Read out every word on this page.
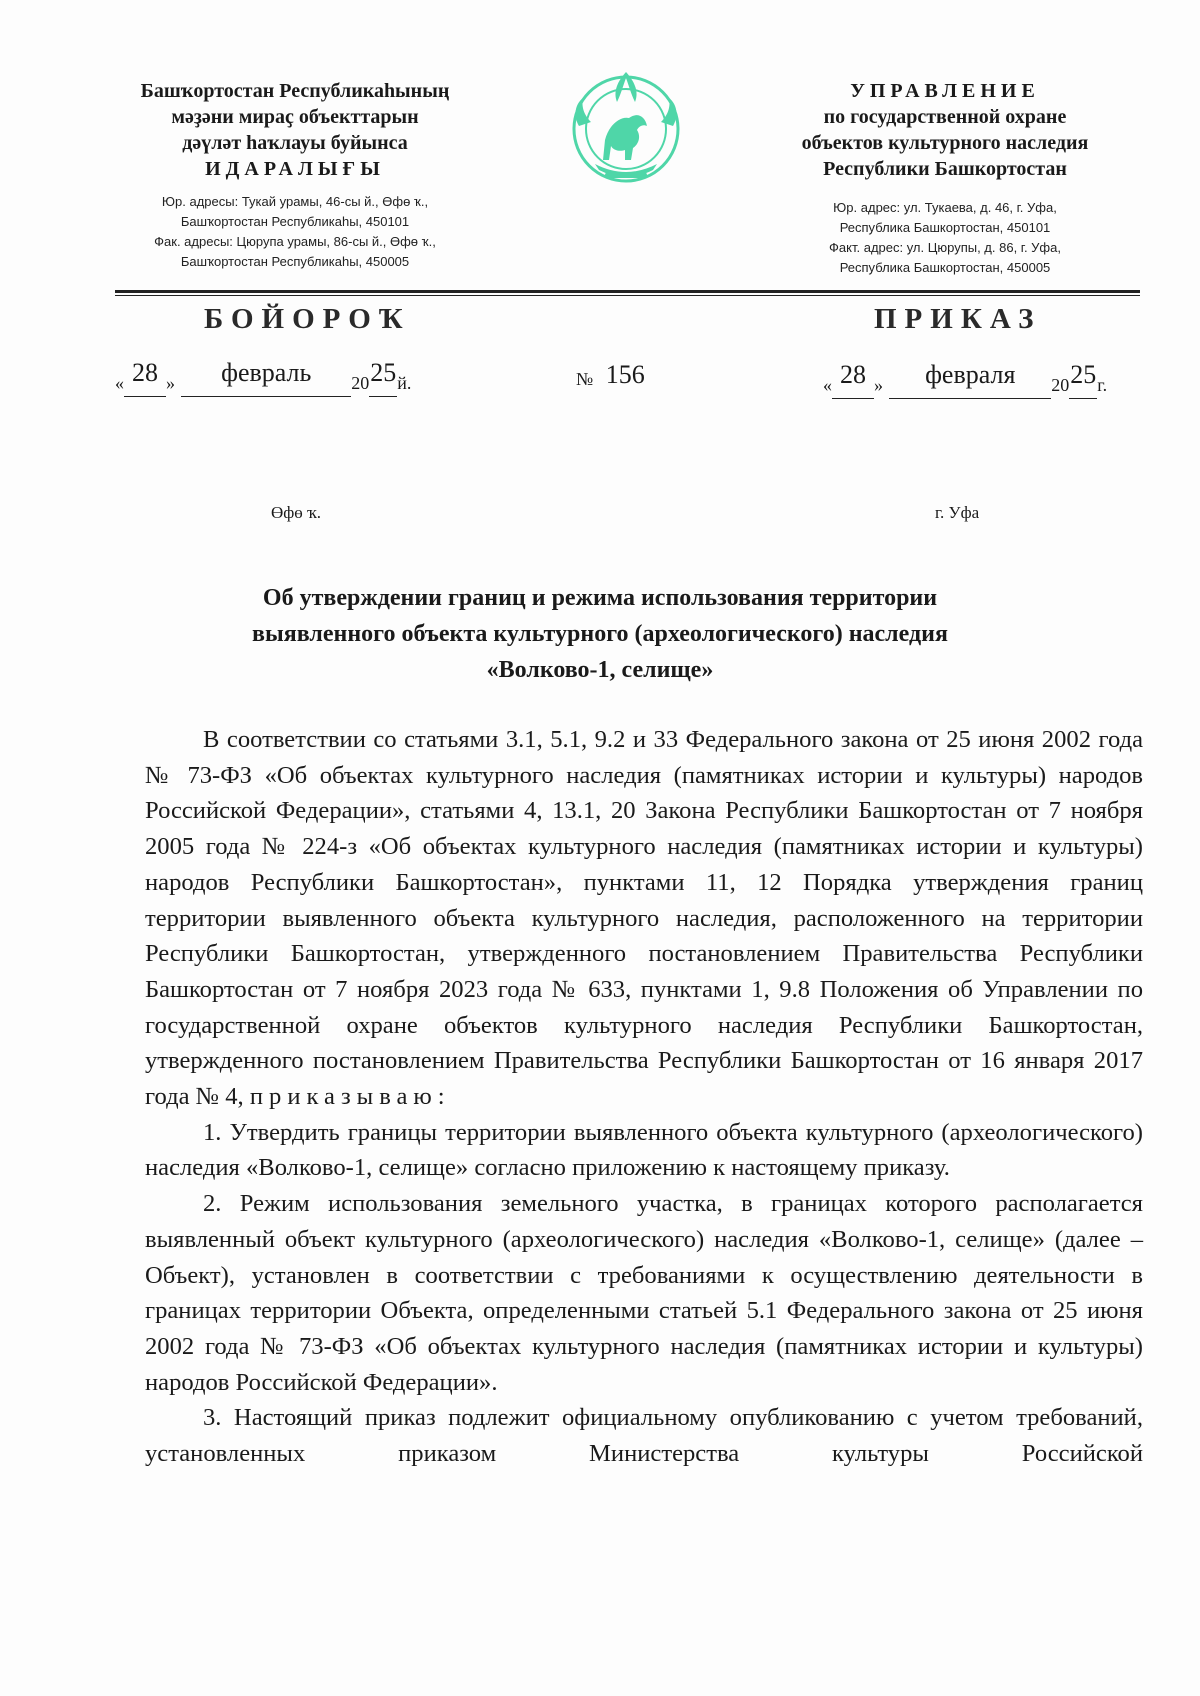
Башҡортостан Республикаһының
мәҙәни мираҫ объекттарын
дәүләт һаҡлауы буйынса
ИДАРАЛЫҒЫ
Юр. адресы: Тукай урамы, 46-сы й., Өфө ҡ.,
Башҡортостан Республикаһы, 450101
Фак. адресы: Цюрупа урамы, 86-сы й., Өфө ҡ.,
Башҡортостан Республикаһы, 450005
УПРАВЛЕНИЕ
по государственной охране
объектов культурного наследия
Республики Башкортостан
Юр. адрес: ул. Тукаева, д. 46, г. Уфа,
Республика Башкортостан, 450101
Факт. адрес: ул. Цюрупы, д. 86, г. Уфа,
Республика Башкортостан, 450005
БОЙОРОҠ	ПРИКАЗ
« 28 » февраль 2025й.	№ 156	« 28 » февраля 2025г.
Өфө ҡ.	г. Уфа
Об утверждении границ и режима использования территории
выявленного объекта культурного (археологического) наследия
«Волково-1, селище»

В соответствии со статьями 3.1, 5.1, 9.2 и 33 Федерального закона от 25 июня 2002 года № 73-ФЗ «Об объектах культурного наследия (памятниках истории и культуры) народов Российской Федерации», статьями 4, 13.1, 20 Закона Республики Башкортостан от 7 ноября 2005 года № 224-з «Об объектах культурного наследия (памятниках истории и культуры) народов Республики Башкортостан», пунктами 11, 12 Порядка утверждения границ территории выявленного объекта культурного наследия, расположенного на территории Республики Башкортостан, утвержденного постановлением Правительства Республики Башкортостан от 7 ноября 2023 года № 633, пунктами 1, 9.8 Положения об Управлении по государственной охране объектов культурного наследия Республики Башкортостан, утвержденного постановлением Правительства Республики Башкортостан от 16 января 2017 года № 4, приказываю:

1. Утвердить границы территории выявленного объекта культурного (археологического) наследия «Волково-1, селище» согласно приложению к настоящему приказу.

2. Режим использования земельного участка, в границах которого располагается выявленный объект культурного (археологического) наследия «Волково-1, селище» (далее – Объект), установлен в соответствии с требованиями к осуществлению деятельности в границах территории Объекта, определенными статьей 5.1 Федерального закона от 25 июня 2002 года № 73-ФЗ «Об объектах культурного наследия (памятниках истории и культуры) народов Российской Федерации».

3. Настоящий приказ подлежит официальному опубликованию с учетом требований, установленных приказом Министерства культуры Российской
